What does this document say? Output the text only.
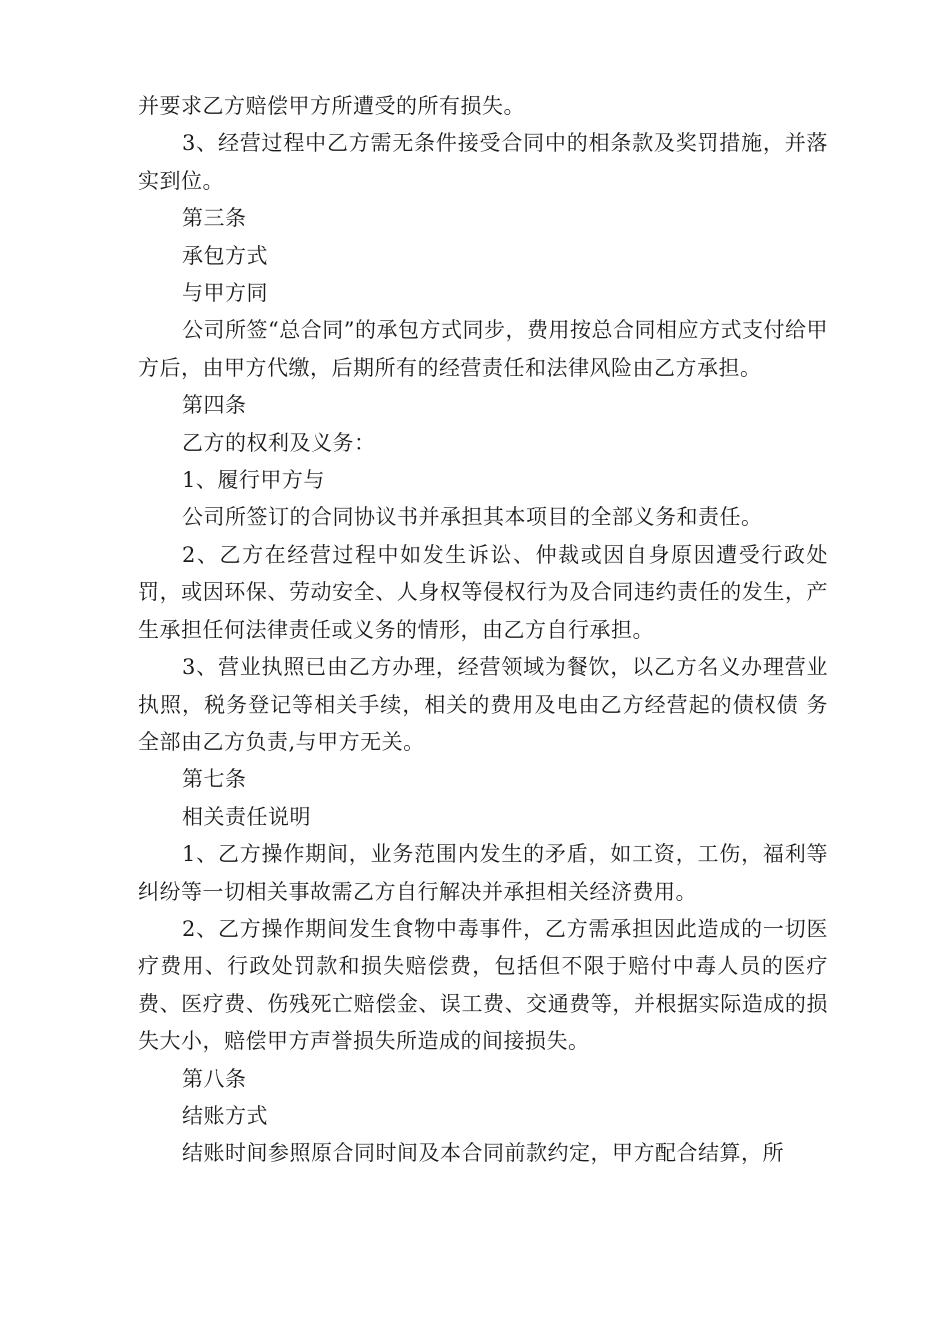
并要求乙方赔偿甲方所遭受的所有损失。

3、经营过程中乙方需无条件接受合同中的相条款及奖罚措施，并落实到位。

第三条

承包方式

与甲方同

公司所签“总合同”的承包方式同步，费用按总合同相应方式支付给甲方后，由甲方代缴，后期所有的经营责任和法律风险由乙方承担。

第四条

乙方的权利及义务：

1、履行甲方与

公司所签订的合同协议书并承担其本项目的全部义务和责任。

2、乙方在经营过程中如发生诉讼、仲裁或因自身原因遭受行政处罚，或因环保、劳动安全、人身权等侵权行为及合同违约责任的发生，产生承担任何法律责任或义务的情形，由乙方自行承担。

3、营业执照已由乙方办理，经营领域为餐饮，以乙方名义办理营业执照，税务登记等相关手续，相关的费用及电由乙方经营起的债权债 务全部由乙方负责,与甲方无关。

第七条

相关责任说明

1、乙方操作期间，业务范围内发生的矛盾，如工资，工伤，福利等纠纷等一切相关事故需乙方自行解决并承担相关经济费用。

2、乙方操作期间发生食物中毒事件，乙方需承担因此造成的一切医疗费用、行政处罚款和损失赔偿费，包括但不限于赔付中毒人员的医疗费、医疗费、伤残死亡赔偿金、误工费、交通费等，并根据实际造成的损失大小，赔偿甲方声誉损失所造成的间接损失。

第八条

结账方式

结账时间参照原合同时间及本合同前款约定，甲方配合结算，所
